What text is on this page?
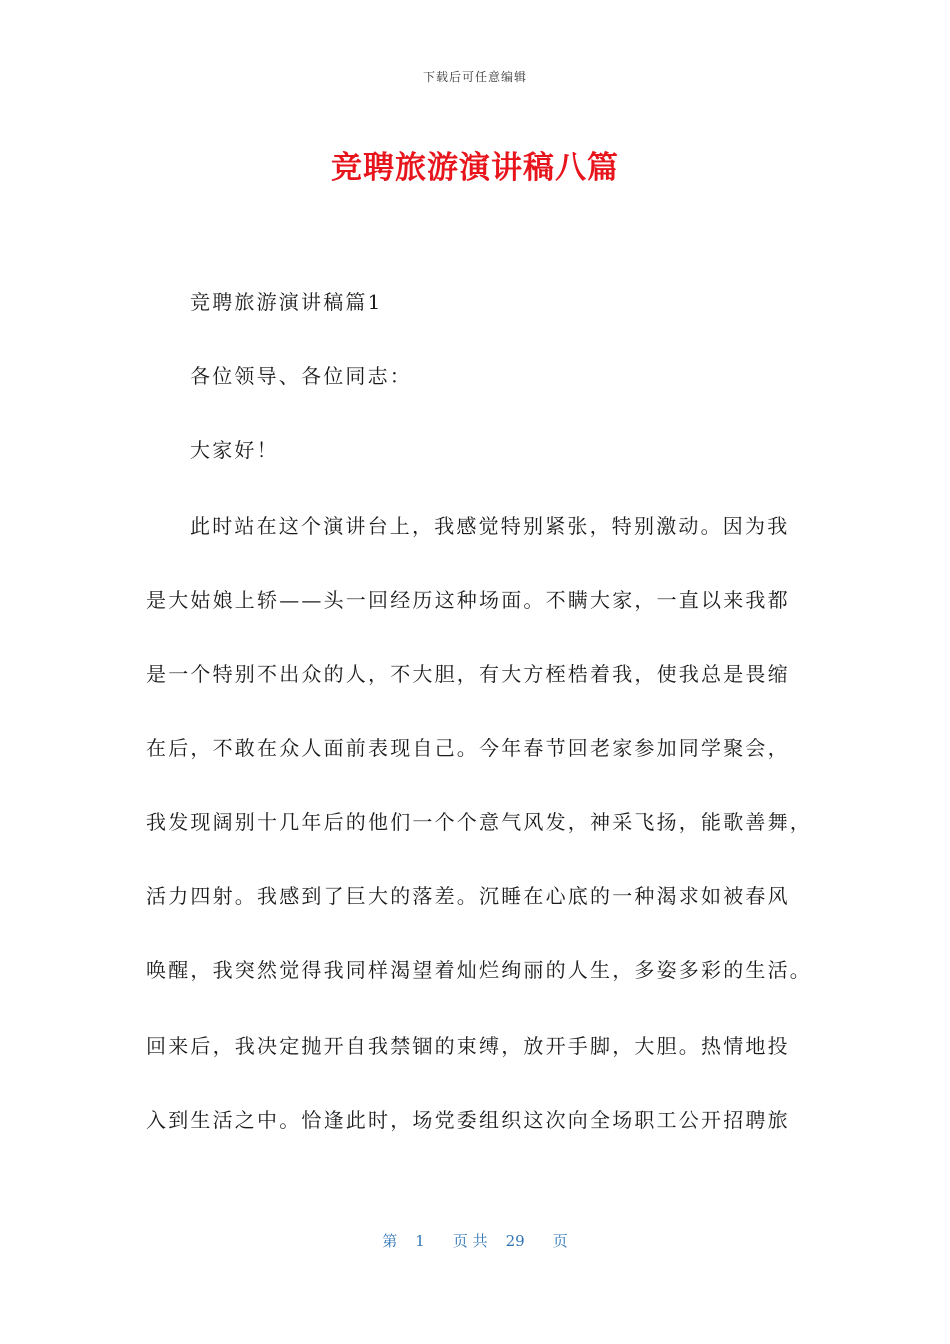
下载后可任意编辑
竞聘旅游演讲稿八篇
竞聘旅游演讲稿篇1
各位领导、各位同志：
大家好！
此时站在这个演讲台上，我感觉特别紧张，特别激动。因为我
是大姑娘上轿——头一回经历这种场面。不瞒大家，一直以来我都
是一个特别不出众的人，不大胆，有大方桎梏着我，使我总是畏缩
在后，不敢在众人面前表现自己。今年春节回老家参加同学聚会，
我发现阔别十几年后的他们一个个意气风发，神采飞扬，能歌善舞，
活力四射。我感到了巨大的落差。沉睡在心底的一种渴求如被春风
唤醒，我突然觉得我同样渴望着灿烂绚丽的人生，多姿多彩的生活。
回来后，我决定抛开自我禁锢的束缚，放开手脚，大胆。热情地投
入到生活之中。恰逢此时，场党委组织这次向全场职工公开招聘旅
第 1 页 共 29 页
